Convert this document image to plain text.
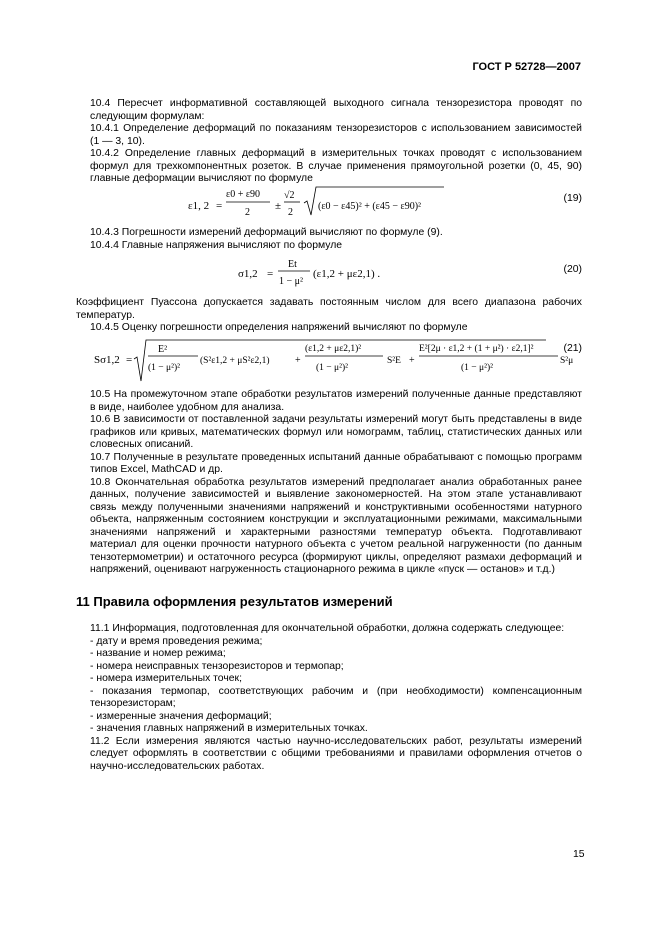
ГОСТ Р 52728—2007

10.4 Пересчет информативной составляющей выходного сигнала тензорезистора проводят по следующим формулам:

10.4.1 Определение деформаций по показаниям тензорезисторов с использованием зависимостей (1 — 3, 10).

10.4.2 Определение главных деформаций в измерительных точках проводят с использованием формул для трехкомпонентных розеток. В случае применения прямоугольной розетки (0, 45, 90) главные деформации вычисляют по формуле

ε1, 2 =
ε0 + ε90
2
±
√2
2
(ε0 − ε45)² + (ε45 − ε90)²
(19)

10.4.3 Погрешности измерений деформаций вычисляют по формуле (9).

10.4.4 Главные напряжения вычисляют по формуле

σ1,2 =
Et
1 − μ²
(ε1,2 + με2,1) .	(20)

Коэффициент Пуассона допускается задавать постоянным числом для всего диапазона рабочих температур.

10.4.5 Оценку погрешности определения напряжений вычисляют по формуле

Sσ1,2 =
E²
(1 − μ²)²
(S²ε1,2 + μS²ε2,1)	+
(ε1,2 + με2,1)²
(1 − μ²)²
S²E +
E²[2μ · ε1,2 + (1 + μ²) · ε2,1]²
(1 − μ²)²
S²μ
(21)

10.5 На промежуточном этапе обработки результатов измерений полученные данные представляют в виде, наиболее удобном для анализа.

10.6 В зависимости от поставленной задачи результаты измерений могут быть представлены в виде графиков или кривых, математических формул или номограмм, таблиц, статистических данных или словесных описаний.

10.7 Полученные в результате проведенных испытаний данные обрабатывают с помощью программ типов Excel, MathCAD и др.

10.8 Окончательная обработка результатов измерений предполагает анализ обработанных ранее данных, получение зависимостей и выявление закономерностей. На этом этапе устанавливают связь между полученными значениями напряжений и конструктивными особенностями натурного объекта, напряженным состоянием конструкции и эксплуатационными режимами, максимальными значениями напряжений и характерными разностями температур объекта. Подготавливают материал для оценки прочности натурного объекта с учетом реальной нагруженности (по данным тензотермометрии) и остаточного ресурса (формируют циклы, определяют размахи деформаций и напряжений, оценивают нагруженность стационарного режима в цикле «пуск — останов» и т.д.)

11 Правила оформления результатов измерений

11.1 Информация, подготовленная для окончательной обработки, должна содержать следующее:

- дату и время проведения режима;

- название и номер режима;

- номера неисправных тензорезисторов и термопар;

- номера измерительных точек;

- показания термопар, соответствующих рабочим и (при необходимости) компенсационным тензорезисторам;

- измеренные значения деформаций;

- значения главных напряжений в измерительных точках.

11.2 Если измерения являются частью научно-исследовательских работ, результаты измерений следует оформлять в соответствии с общими требованиями и правилами оформления отчетов о научно-исследовательских работах.

15
